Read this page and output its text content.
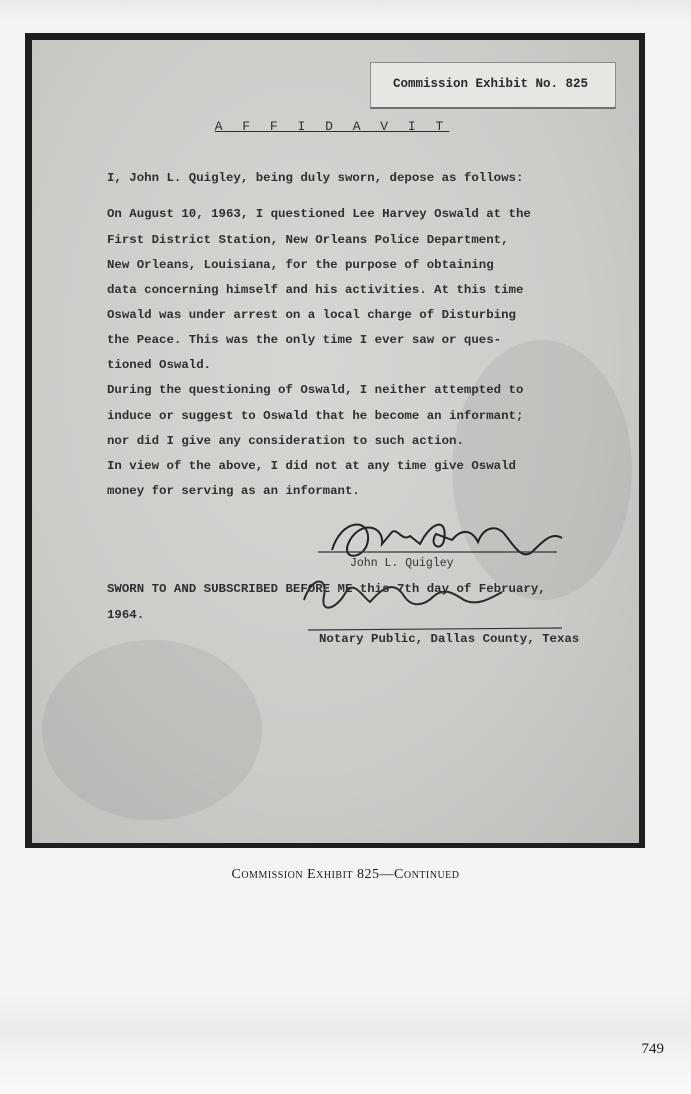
Commission Exhibit No. 825
A F F I D A V I T
I, John L. Quigley, being duly sworn, depose as follows:
On August 10, 1963, I questioned Lee Harvey Oswald at the
First District Station, New Orleans Police Department,
New Orleans, Louisiana, for the purpose of obtaining
data concerning himself and his activities. At this time
Oswald was under arrest on a local charge of Disturbing
the Peace. This was the only time I ever saw or ques-
tioned Oswald.
During the questioning of Oswald, I neither attempted to
induce or suggest to Oswald that he become an informant;
nor did I give any consideration to such action.
In view of the above, I did not at any time give Oswald
money for serving as an informant.
John L. Quigley
SWORN TO AND SUBSCRIBED BEFORE ME this 7th day of February,
1964.
Notary Public, Dallas County, Texas
Commission Exhibit 825—Continued
749
